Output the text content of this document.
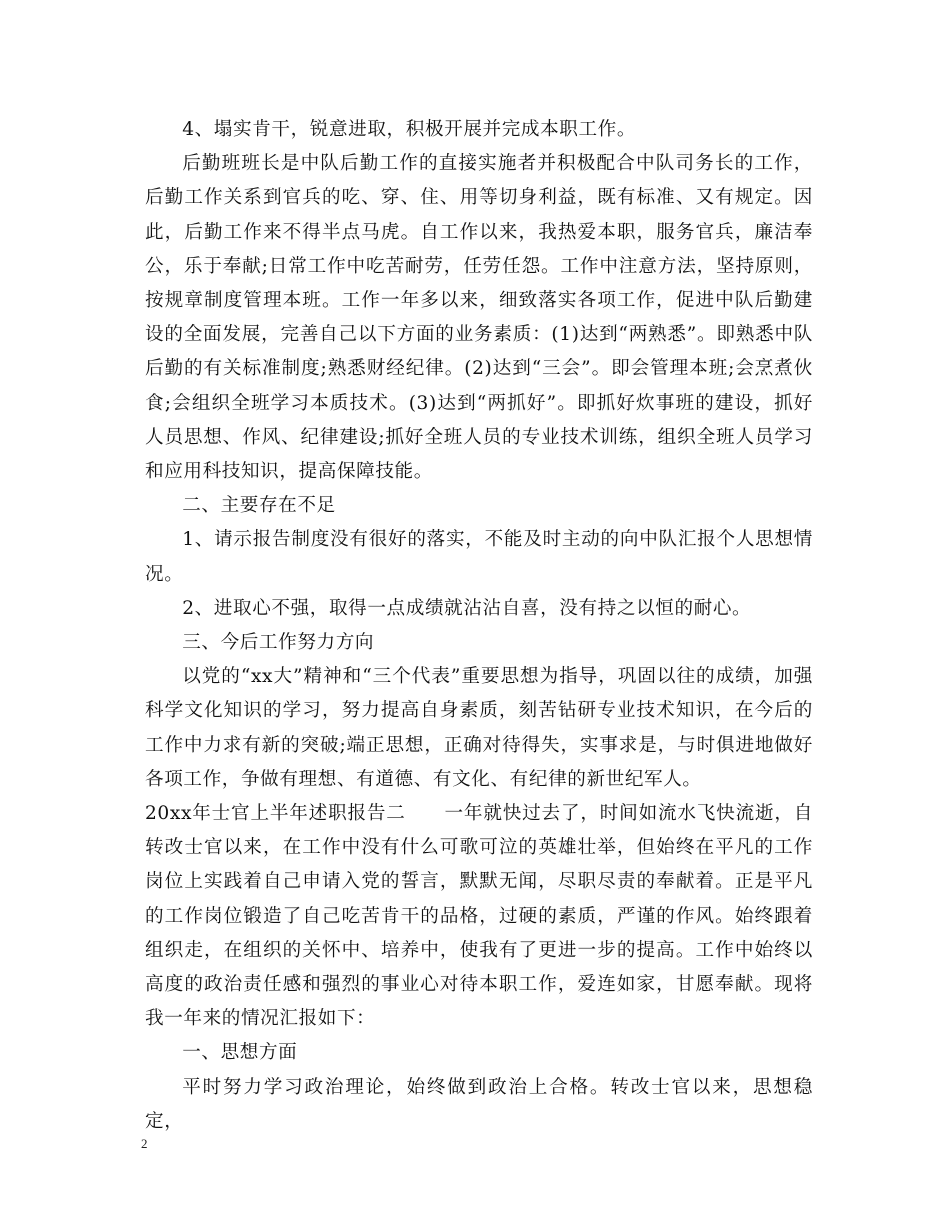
4、塌实肯干，锐意进取，积极开展并完成本职工作。

后勤班班长是中队后勤工作的直接实施者并积极配合中队司务长的工作，后勤工作关系到官兵的吃、穿、住、用等切身利益，既有标准、又有规定。因此，后勤工作来不得半点马虎。自工作以来，我热爱本职，服务官兵，廉洁奉公，乐于奉献;日常工作中吃苦耐劳，任劳任怨。工作中注意方法，坚持原则，按规章制度管理本班。工作一年多以来，细致落实各项工作，促进中队后勤建设的全面发展，完善自己以下方面的业务素质：(1)达到“两熟悉”。即熟悉中队后勤的有关标准制度;熟悉财经纪律。(2)达到“三会”。即会管理本班;会烹煮伙食;会组织全班学习本质技术。(3)达到“两抓好”。即抓好炊事班的建设，抓好人员思想、作风、纪律建设;抓好全班人员的专业技术训练，组织全班人员学习和应用科技知识，提高保障技能。

二、主要存在不足

1、请示报告制度没有很好的落实，不能及时主动的向中队汇报个人思想情况。

2、进取心不强，取得一点成绩就沾沾自喜，没有持之以恒的耐心。

三、今后工作努力方向

以党的“xx大”精神和“三个代表”重要思想为指导，巩固以往的成绩，加强科学文化知识的学习，努力提高自身素质，刻苦钻研专业技术知识，在今后的工作中力求有新的突破;端正思想，正确对待得失，实事求是，与时俱进地做好各项工作，争做有理想、有道德、有文化、有纪律的新世纪军人。

20xx年士官上半年述职报告二　　一年就快过去了，时间如流水飞快流逝，自转改士官以来，在工作中没有什么可歌可泣的英雄壮举，但始终在平凡的工作岗位上实践着自己申请入党的誓言，默默无闻，尽职尽责的奉献着。正是平凡的工作岗位锻造了自己吃苦肯干的品格，过硬的素质，严谨的作风。始终跟着组织走，在组织的关怀中、培养中，使我有了更进一步的提高。工作中始终以高度的政治责任感和强烈的事业心对待本职工作，爱连如家，甘愿奉献。现将我一年来的情况汇报如下：

一、思想方面

平时努力学习政治理论，始终做到政治上合格。转改士官以来，思想稳定，

2
